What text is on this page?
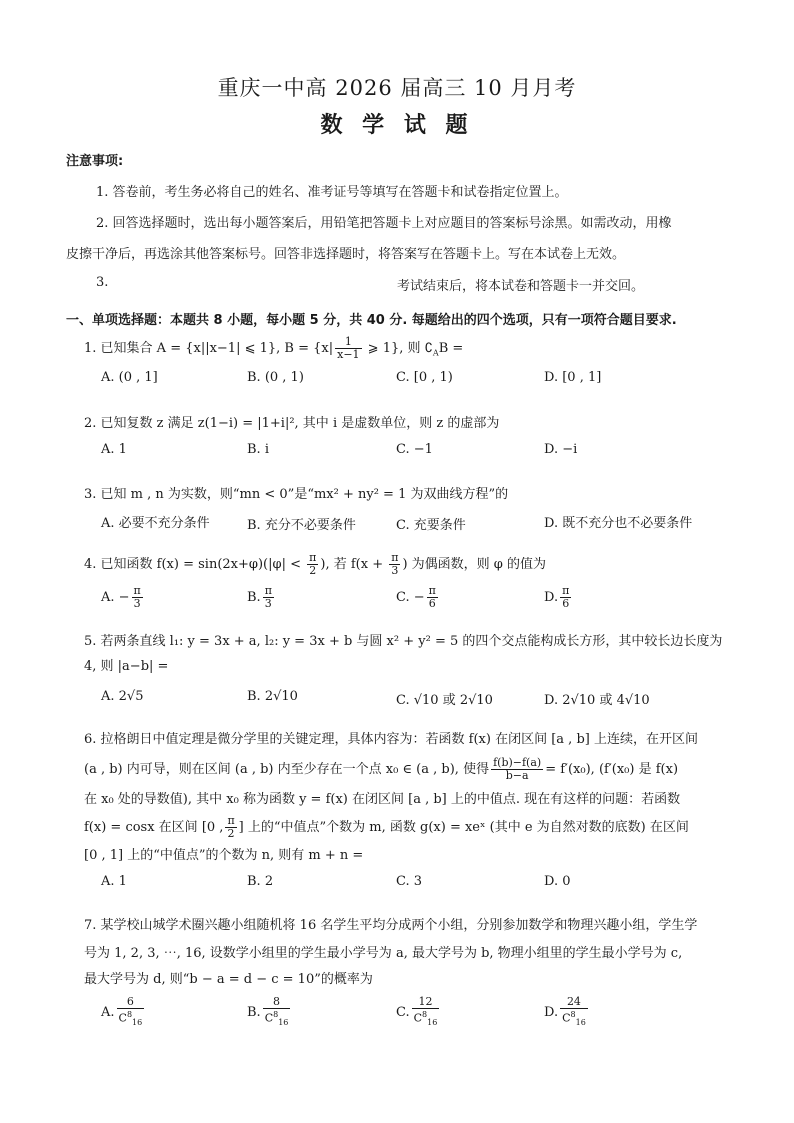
重庆一中高 2026 届高三 10 月月考
数 学 试 题
注意事项:
1. 答卷前，考生务必将自己的姓名、准考证号等填写在答题卡和试卷指定位置上。
2. 回答选择题时，选出每小题答案后，用铅笔把答题卡上对应题目的答案标号涂黑。如需改动，用橡
皮擦干净后，再选涂其他答案标号。回答非选择题时，将答案写在答题卡上。写在本试卷上无效。
3.	考试结束后，将本试卷和答题卡一并交回。
一、单项选择题：本题共 8 小题，每小题 5 分，共 40 分. 每题给出的四个选项，只有一项符合题目要求.
1. 已知集合 A = {x||x−1| ⩽ 1}, $B = \{x| \frac{1}{x-1}$ ⩾ 1}, 则 $∁_AB$ =
A. (0 , 1]	B. (0 , 1)	C. [0 , 1)	D. [0 , 1]
2. 已知复数 z 满足 z(1−i) = |1+i|², 其中 i 是虚数单位，则 z 的虚部为
A. 1	B. i	C. −1	D. −i
3. 已知 m , n 为实数，则“mn < 0”是“mx² + ny² = 1 为双曲线方程”的
A. 必要不充分条件	B. 充分不必要条件	C. 充要条件	D. 既不充分也不必要条件
4. 已知函数 $f(x) = \sin(2x+\varphi)(|\varphi| < \frac{\pi}{2}$ ), 若 $f(x + \frac{\pi}{3}$ ) 为偶函数，则 φ 的值为
A. − $\frac{\pi}{3}$	B. $\frac{\pi}{3}$	C. − $\frac{\pi}{6}$	D. $\frac{\pi}{6}$
5. 若两条直线 l₁: y = 3x + a, l₂: y = 3x + b 与圆 x² + y² = 5 的四个交点能构成长方形，其中较长边长度为
4, 则 |a−b| =
A. 2√5	B. 2√10	C. √10 或 2√10	D. 2√10 或 4√10
6. 拉格朗日中值定理是微分学里的关键定理，具体内容为：若函数 f(x) 在闭区间 [a , b] 上连续，在开区间
(a , b) 内可导，则在区间 (a , b) 内至少存在一个点 x₀ ∈ (a , b), 使得 $\frac{f(b)-f(a)}{b-a} = f'(x_0)$, (f′(x₀) 是 f(x)
在 x₀ 处的导数值), 其中 x₀ 称为函数 y = f(x) 在闭区间 [a , b] 上的中值点. 现在有这样的问题：若函数
f(x) = cosx 在区间 [0 , $\frac{\pi}{2}$ ] 上的“中值点”个数为 m, 函数 g(x) = xeˣ (其中 e 为自然对数的底数) 在区间
[0 , 1] 上的“中值点”的个数为 n, 则有 m + n =
A. 1	B. 2	C. 3	D. 0
7. 某学校山城学术圈兴趣小组随机将 16 名学生平均分成两个小组，分别参加数学和物理兴趣小组，学生学
号为 1, 2, 3, ⋯, 16, 设数学小组里的学生最小学号为 a, 最大学号为 b, 物理小组里的学生最小学号为 c,
最大学号为 d, 则“b − a = d − c = 10”的概率为
A. $\frac{6}{C^8_{16}}$	B. $\frac{8}{C^8_{16}}$	C. $\frac{12}{C^8_{16}}$	D. $\frac{24}{C^8_{16}}$
